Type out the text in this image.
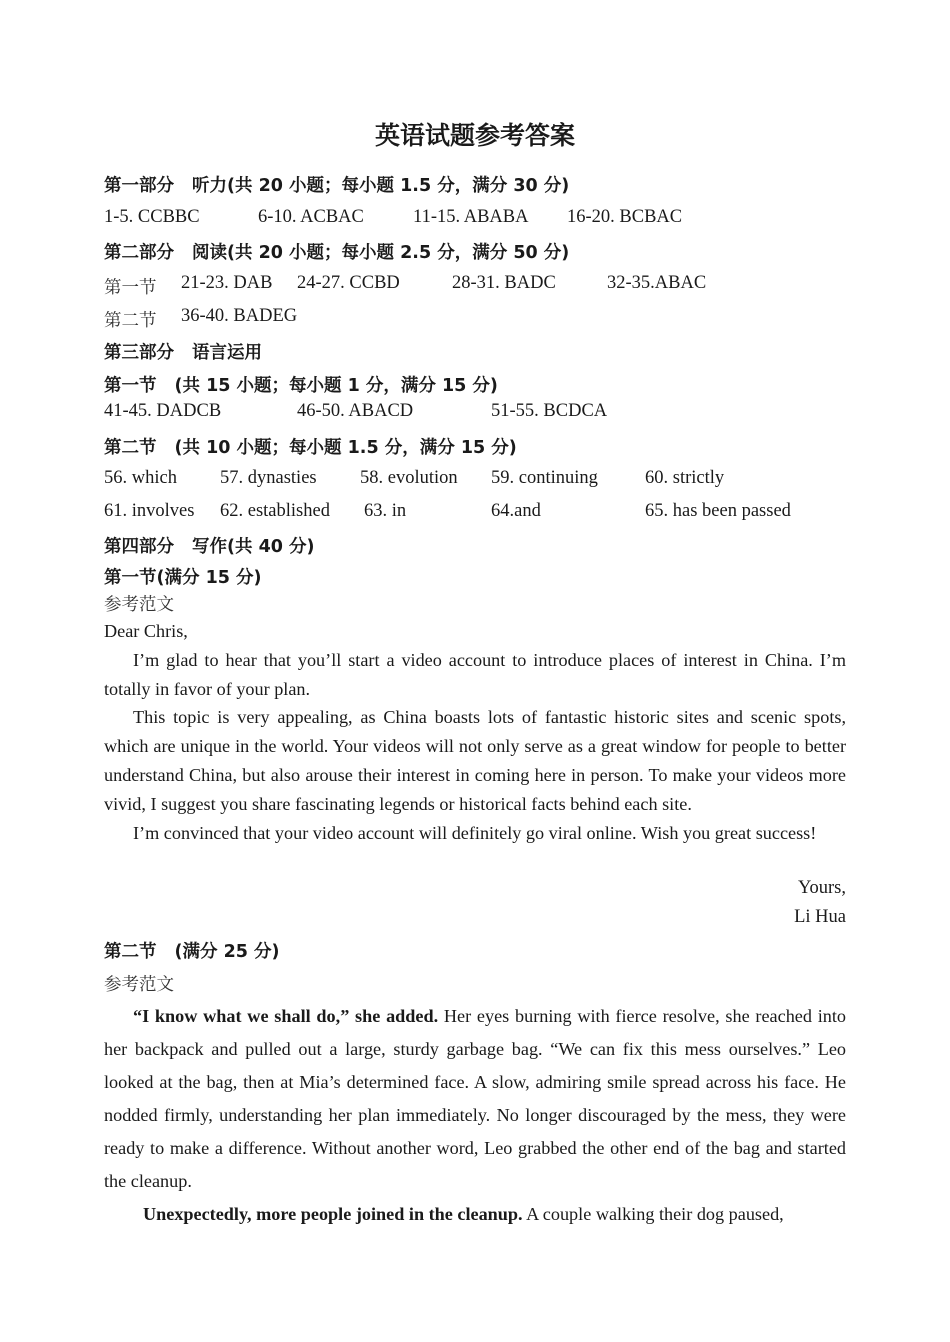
英语试题参考答案
第一部分 听力(共 20 小题；每小题 1.5 分，满分 30 分)
1-5. CCBBC	6-10. ACBAC	11-15. ABABA 16-20. BCBAC
第二部分 阅读(共 20 小题；每小题 2.5 分，满分 50 分)
第一节 21-23. DAB 24-27. CCBD	28-31. BADC	32-35.ABAC
第二节 36-40. BADEG
第三部分 语言运用
第一节 (共 15 小题；每小题 1 分，满分 15 分)
41-45. DADCB	46-50. ABACD	51-55. BCDCA
第二节 (共 10 小题；每小题 1.5 分，满分 15 分)
56. which 57. dynasties 58. evolution 59. continuing	60. strictly
61. involves 62. established 63. in	64.and	65. has been passed
第四部分 写作(共 40 分)
第一节(满分 15 分)
参考范文

Dear Chris,

I’m glad to hear that you’ll start a video account to introduce places of interest in China. I’m totally in favor of your plan.

This topic is very appealing, as China boasts lots of fantastic historic sites and scenic spots, which are unique in the world. Your videos will not only serve as a great window for people to better understand China, but also arouse their interest in coming here in person. To make your videos more vivid, I suggest you share fascinating legends or historical facts behind each site.

I’m convinced that your video account will definitely go viral online. Wish you great success!

Yours,
Li Hua
第二节 (满分 25 分)
参考范文

“I know what we shall do,” she added. Her eyes burning with fierce resolve, she reached into her backpack and pulled out a large, sturdy garbage bag. “We can fix this mess ourselves.” Leo looked at the bag, then at Mia’s determined face. A slow, admiring smile spread across his face. He nodded firmly, understanding her plan immediately. No longer discouraged by the mess, they were ready to make a difference. Without another word, Leo grabbed the other end of the bag and started the cleanup.

Unexpectedly, more people joined in the cleanup. A couple walking their dog paused,
